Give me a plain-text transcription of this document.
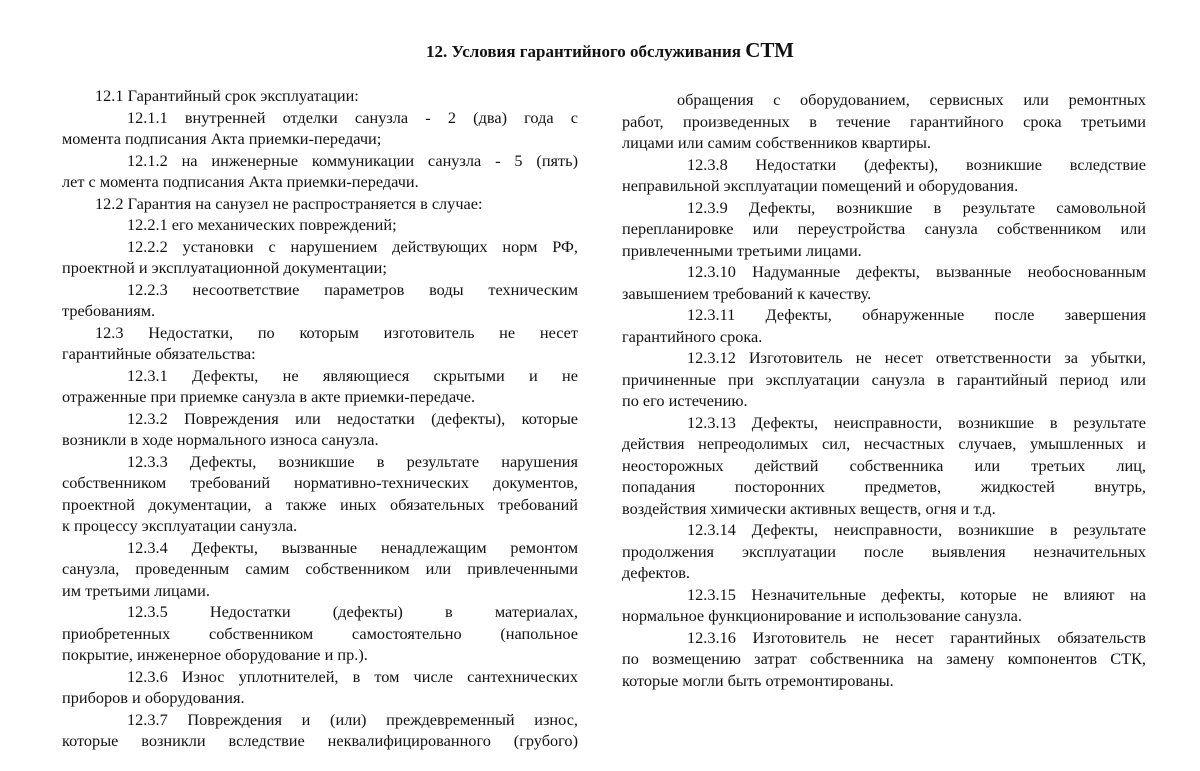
12. Условия гарантийного обслуживания СТМ
12.1 Гарантийный срок эксплуатации:
12.1.1 внутренней отделки санузла - 2 (два) года с
момента подписания Акта приемки-передачи;
12.1.2 на инженерные коммуникации санузла - 5 (пять)
лет с момента подписания Акта приемки-передачи.
12.2 Гарантия на санузел не распространяется в случае:
12.2.1 его механических повреждений;
12.2.2 установки с нарушением действующих норм РФ,
проектной и эксплуатационной документации;
12.2.3 несоответствие параметров воды техническим
требованиям.
12.3 Недостатки, по которым изготовитель не несет
гарантийные обязательства:
12.3.1 Дефекты, не являющиеся скрытыми и не
отраженные при приемке санузла в акте приемки-передаче.
12.3.2 Повреждения или недостатки (дефекты), которые
возникли в ходе нормального износа санузла.
12.3.3 Дефекты, возникшие в результате нарушения
собственником требований нормативно-технических документов,
проектной документации, а также иных обязательных требований
к процессу эксплуатации санузла.
12.3.4 Дефекты, вызванные ненадлежащим ремонтом
санузла, проведенным самим собственником или привлеченными
им третьими лицами.
12.3.5 Недостатки (дефекты) в материалах,
приобретенных собственником самостоятельно (напольное
покрытие, инженерное оборудование и пр.).
12.3.6 Износ уплотнителей, в том числе сантехнических
приборов и оборудования.
12.3.7 Повреждения и (или) преждевременный износ,
которые возникли вследствие неквалифицированного (грубого)
обращения с оборудованием, сервисных или ремонтных
работ, произведенных в течение гарантийного срока третьими
лицами или самим собственников квартиры.
12.3.8 Недостатки (дефекты), возникшие вследствие
неправильной эксплуатации помещений и оборудования.
12.3.9 Дефекты, возникшие в результате самовольной
перепланировке или переустройства санузла собственником или
привлеченными третьими лицами.
12.3.10 Надуманные дефекты, вызванные необоснованным
завышением требований к качеству.
12.3.11 Дефекты, обнаруженные после завершения
гарантийного срока.
12.3.12 Изготовитель не несет ответственности за убытки,
причиненные при эксплуатации санузла в гарантийный период или
по его истечению.
12.3.13 Дефекты, неисправности, возникшие в результате
действия непреодолимых сил, несчастных случаев, умышленных и
неосторожных действий собственника или третьих лиц,
попадания посторонних предметов, жидкостей внутрь,
воздействия химически активных веществ, огня и т.д.
12.3.14 Дефекты, неисправности, возникшие в результате
продолжения эксплуатации после выявления незначительных
дефектов.
12.3.15 Незначительные дефекты, которые не влияют на
нормальное функционирование и использование санузла.
12.3.16 Изготовитель не несет гарантийных обязательств
по возмещению затрат собственника на замену компонентов СТК,
которые могли быть отремонтированы.
